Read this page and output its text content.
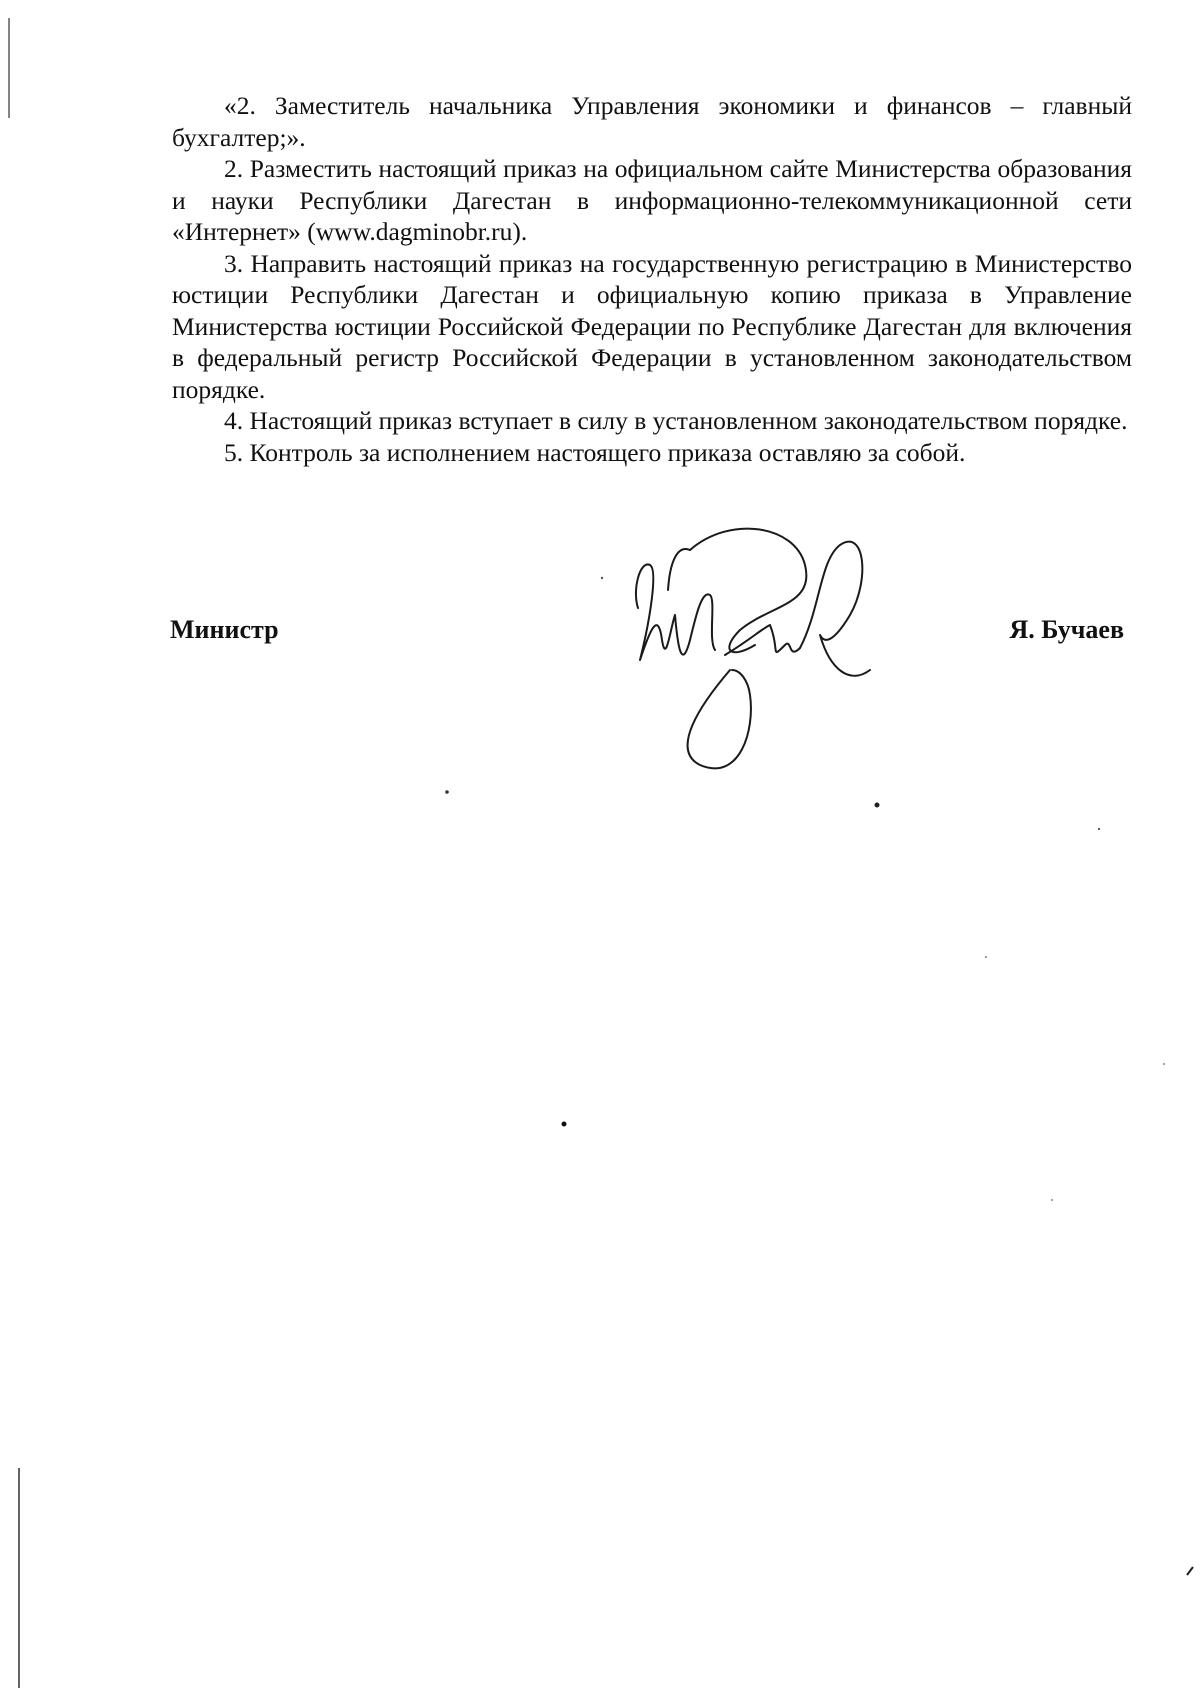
«2. Заместитель начальника Управления экономики и финансов – главный бухгалтер;».

2. Разместить настоящий приказ на официальном сайте Министерства образования и науки Республики Дагестан в информационно-телекоммуникационной сети «Интернет» (www.dagminobr.ru).

3. Направить настоящий приказ на государственную регистрацию в Министерство юстиции Республики Дагестан и официальную копию приказа в Управление Министерства юстиции Российской Федерации по Республике Дагестан для включения в федеральный регистр Российской Федерации в установленном законодательством порядке.

4. Настоящий приказ вступает в силу в установленном законодательством порядке.

5. Контроль за исполнением настоящего приказа оставляю за собой.

Министр	Я. Бучаев
